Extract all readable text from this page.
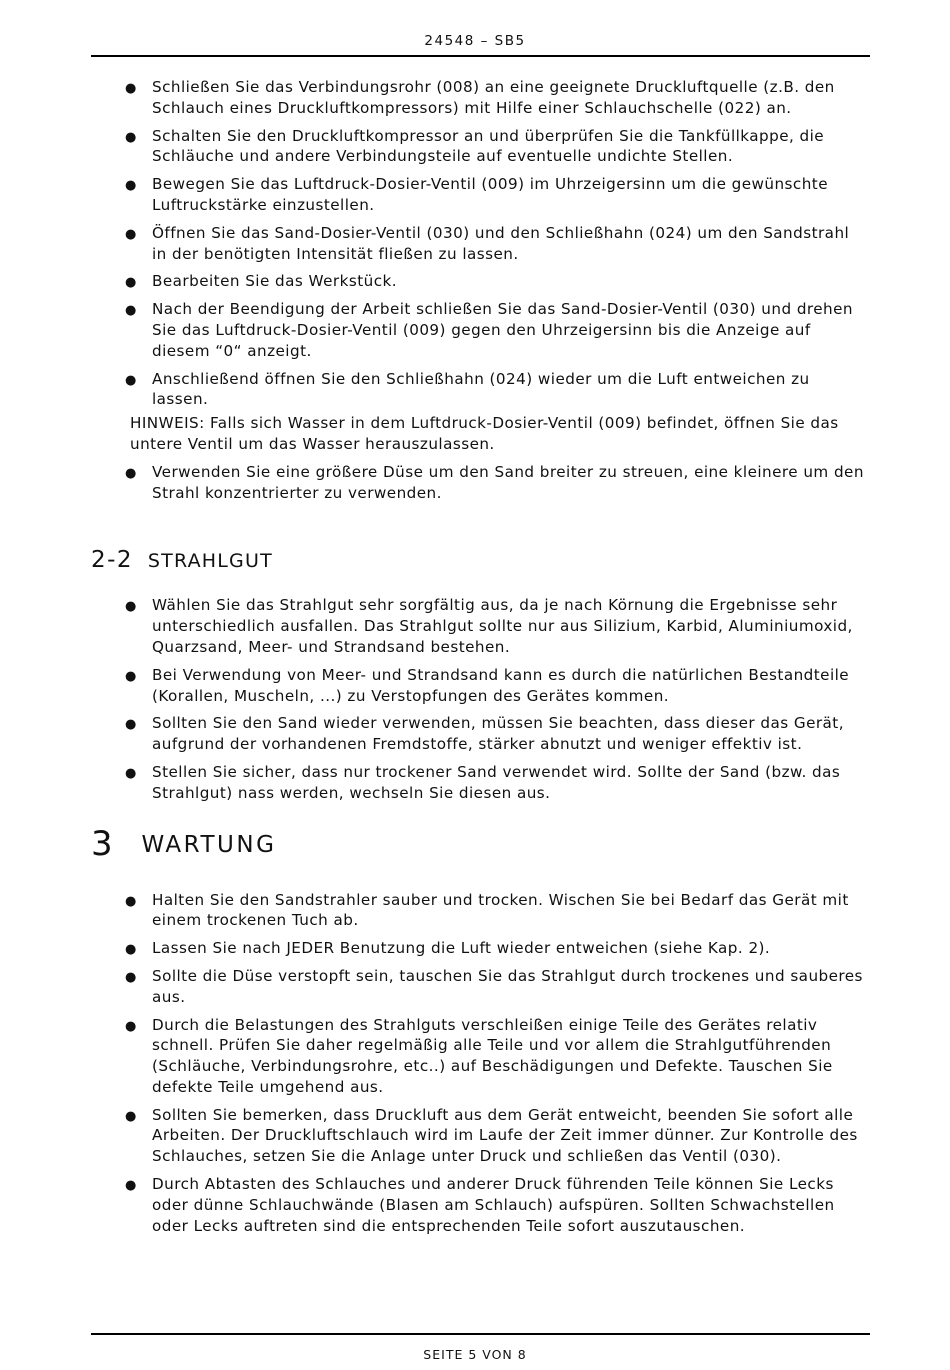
24548 – SB5
● Schließen Sie das Verbindungsrohr (008) an eine geeignete Druckluftquelle (z.B. den Schlauch eines Druckluftkompressors) mit Hilfe einer Schlauchschelle (022) an.
● Schalten Sie den Druckluftkompressor an und überprüfen Sie die Tankfüllkappe, die Schläuche und andere Verbindungsteile auf eventuelle undichte Stellen.
● Bewegen Sie das Luftdruck-Dosier-Ventil (009) im Uhrzeigersinn um die gewünschte Luftruckstärke einzustellen.
● Öffnen Sie das Sand-Dosier-Ventil (030) und den Schließhahn (024) um den Sandstrahl in der benötigten Intensität fließen zu lassen.
● Bearbeiten Sie das Werkstück.
● Nach der Beendigung der Arbeit schließen Sie das Sand-Dosier-Ventil (030) und drehen Sie das Luftdruck-Dosier-Ventil (009) gegen den Uhrzeigersinn bis die Anzeige auf diesem “0“ anzeigt.
● Anschließend öffnen Sie den Schließhahn (024) wieder um die Luft entweichen zu lassen.

HINWEIS: Falls sich Wasser in dem Luftdruck-Dosier-Ventil (009) befindet, öffnen Sie das untere Ventil um das Wasser herauszulassen.

● Verwenden Sie eine größere Düse um den Sand breiter zu streuen, eine kleinere um den Strahl konzentrierter zu verwenden.
2-2 STRAHLGUT
● Wählen Sie das Strahlgut sehr sorgfältig aus, da je nach Körnung die Ergebnisse sehr unterschiedlich ausfallen. Das Strahlgut sollte nur aus Silizium, Karbid, Aluminiumoxid, Quarzsand, Meer- und Strandsand bestehen.
● Bei Verwendung von Meer- und Strandsand kann es durch die natürlichen Bestandteile (Korallen, Muscheln, ...) zu Verstopfungen des Gerätes kommen.
● Sollten Sie den Sand wieder verwenden, müssen Sie beachten, dass dieser das Gerät, aufgrund der vorhandenen Fremdstoffe, stärker abnutzt und weniger effektiv ist.
● Stellen Sie sicher, dass nur trockener Sand verwendet wird. Sollte der Sand (bzw. das Strahlgut) nass werden, wechseln Sie diesen aus.
3 WARTUNG
● Halten Sie den Sandstrahler sauber und trocken. Wischen Sie bei Bedarf das Gerät mit einem trockenen Tuch ab.
● Lassen Sie nach JEDER Benutzung die Luft wieder entweichen (siehe Kap. 2).
● Sollte die Düse verstopft sein, tauschen Sie das Strahlgut durch trockenes und sauberes aus.
● Durch die Belastungen des Strahlguts verschleißen einige Teile des Gerätes relativ schnell. Prüfen Sie daher regelmäßig alle Teile und vor allem die Strahlgutführenden (Schläuche, Verbindungsrohre, etc..) auf Beschädigungen und Defekte. Tauschen Sie defekte Teile umgehend aus.
● Sollten Sie bemerken, dass Druckluft aus dem Gerät entweicht, beenden Sie sofort alle Arbeiten. Der Druckluftschlauch wird im Laufe der Zeit immer dünner. Zur Kontrolle des Schlauches, setzen Sie die Anlage unter Druck und schließen das Ventil (030).
● Durch Abtasten des Schlauches und anderer Druck führenden Teile können Sie Lecks oder dünne Schlauchwände (Blasen am Schlauch) aufspüren. Sollten Schwachstellen oder Lecks auftreten sind die entsprechenden Teile sofort auszutauschen.
SEITE 5 VON 8
